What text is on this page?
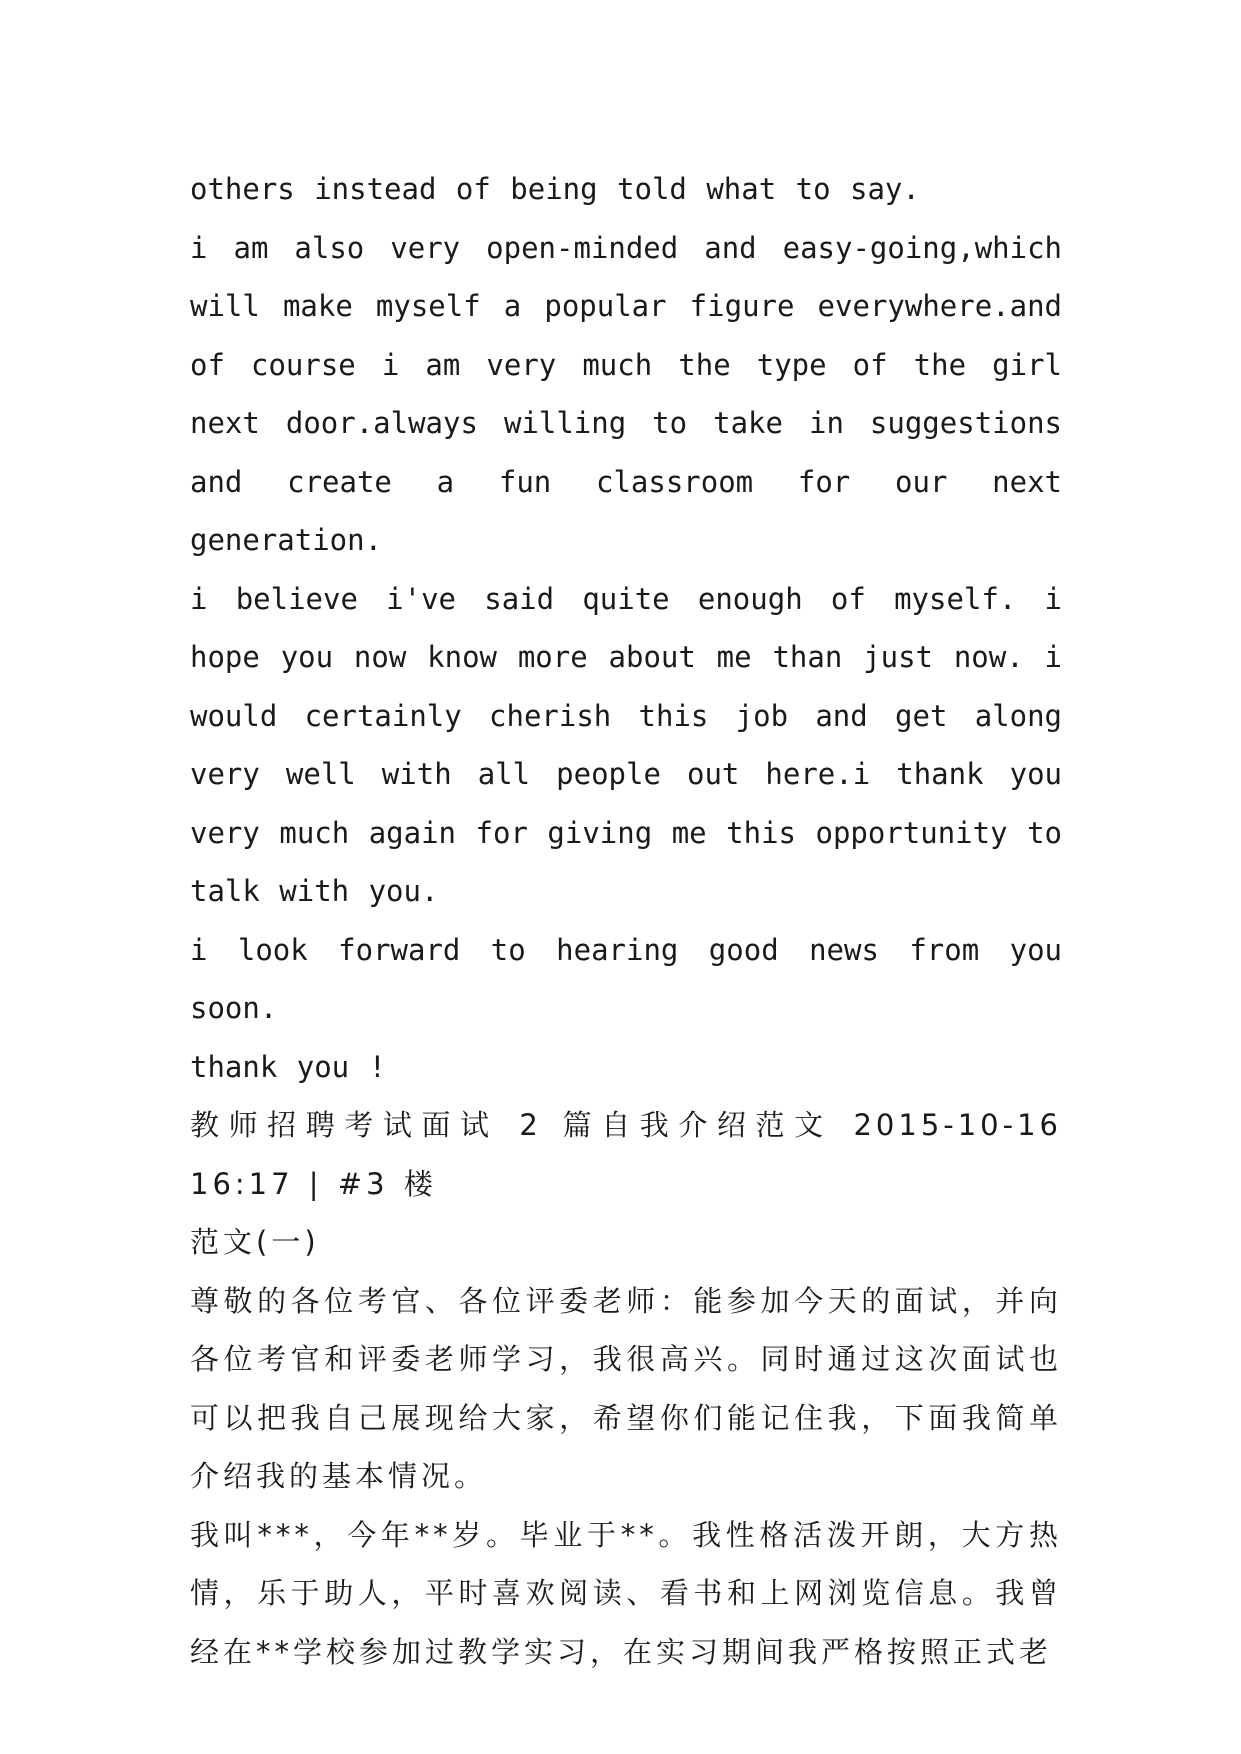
others instead of being told what to say.

i am also very open-minded and easy-going,which will make myself a popular figure everywhere.and of course i am very much the type of the girl next door.always willing to take in suggestions and create a fun classroom for our next generation.

i believe i've said quite enough of myself. i hope you now know more about me than just now. i would certainly cherish this job and get along very well with all people out here.i thank you very much again for giving me this opportunity to talk with you.

i look forward to hearing good news from you soon.

thank you !

教师招聘考试面试 2 篇自我介绍范文 2015-10-16 16:17 | #3 楼

范文(一)

尊敬的各位考官、各位评委老师：能参加今天的面试，并向各位考官和评委老师学习，我很高兴。同时通过这次面试也可以把我自己展现给大家，希望你们能记住我，下面我简单介绍我的基本情况。

我叫***，今年**岁。毕业于**。我性格活泼开朗，大方热情，乐于助人，平时喜欢阅读、看书和上网浏览信息。我曾经在**学校参加过教学实习，在实习期间我严格按照正式老
